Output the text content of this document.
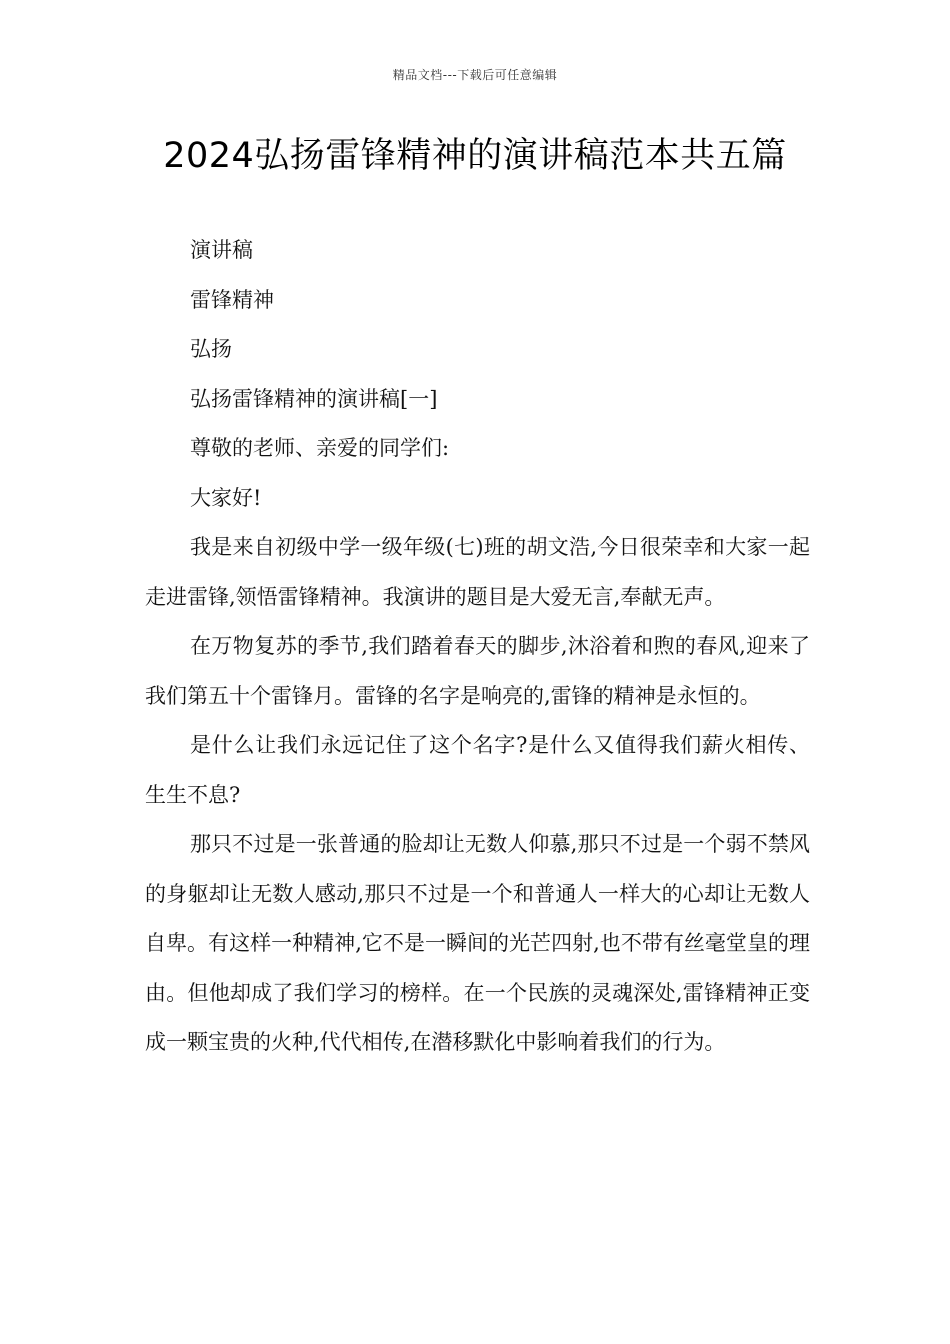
精品文档---下载后可任意编辑
2024弘扬雷锋精神的演讲稿范本共五篇

演讲稿

雷锋精神

弘扬

弘扬雷锋精神的演讲稿[一]

尊敬的老师、亲爱的同学们:

大家好!

我是来自初级中学一级年级(七)班的胡文浩,今日很荣幸和大家一起走进雷锋,领悟雷锋精神。我演讲的题目是大爱无言,奉献无声。

在万物复苏的季节,我们踏着春天的脚步,沐浴着和煦的春风,迎来了我们第五十个雷锋月。雷锋的名字是响亮的,雷锋的精神是永恒的。

是什么让我们永远记住了这个名字?是什么又值得我们薪火相传、生生不息?

那只不过是一张普通的脸却让无数人仰慕,那只不过是一个弱不禁风的身躯却让无数人感动,那只不过是一个和普通人一样大的心却让无数人自卑。有这样一种精神,它不是一瞬间的光芒四射,也不带有丝毫堂皇的理由。但他却成了我们学习的榜样。在一个民族的灵魂深处,雷锋精神正变成一颗宝贵的火种,代代相传,在潜移默化中影响着我们的行为。
